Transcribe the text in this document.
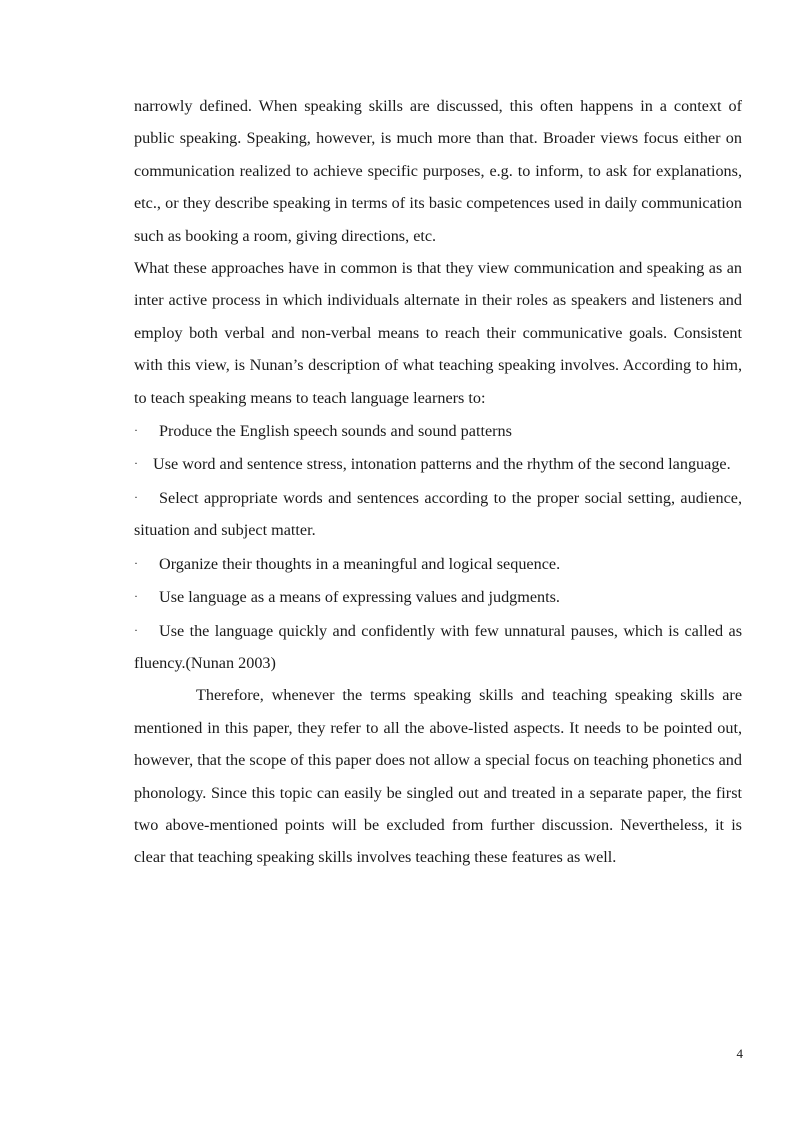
narrowly defined. When speaking skills are discussed, this often happens in a context of public speaking. Speaking, however, is much more than that. Broader views focus either on communication realized to achieve specific purposes, e.g. to inform, to ask for explanations, etc., or they describe speaking in terms of its basic competences used in daily communication such as booking a room, giving directions, etc.

What these approaches have in common is that they view communication and speaking as an inter active process in which individuals alternate in their roles as speakers and listeners and employ both verbal and non-verbal means to reach their communicative goals. Consistent with this view, is Nunan’s description of what teaching speaking involves. According to him, to teach speaking means to teach language learners to:

· Produce the English speech sounds and sound patterns

· Use word and sentence stress, intonation patterns and the rhythm of the second language.

· Select appropriate words and sentences according to the proper social setting, audience, situation and subject matter.

· Organize their thoughts in a meaningful and logical sequence.

· Use language as a means of expressing values and judgments.

· Use the language quickly and confidently with few unnatural pauses, which is called as fluency.(Nunan 2003)

Therefore, whenever the terms speaking skills and teaching speaking skills are mentioned in this paper, they refer to all the above-listed aspects. It needs to be pointed out, however, that the scope of this paper does not allow a special focus on teaching phonetics and phonology. Since this topic can easily be singled out and treated in a separate paper, the first two above-mentioned points will be excluded from further discussion. Nevertheless, it is clear that teaching speaking skills involves teaching these features as well.

4
